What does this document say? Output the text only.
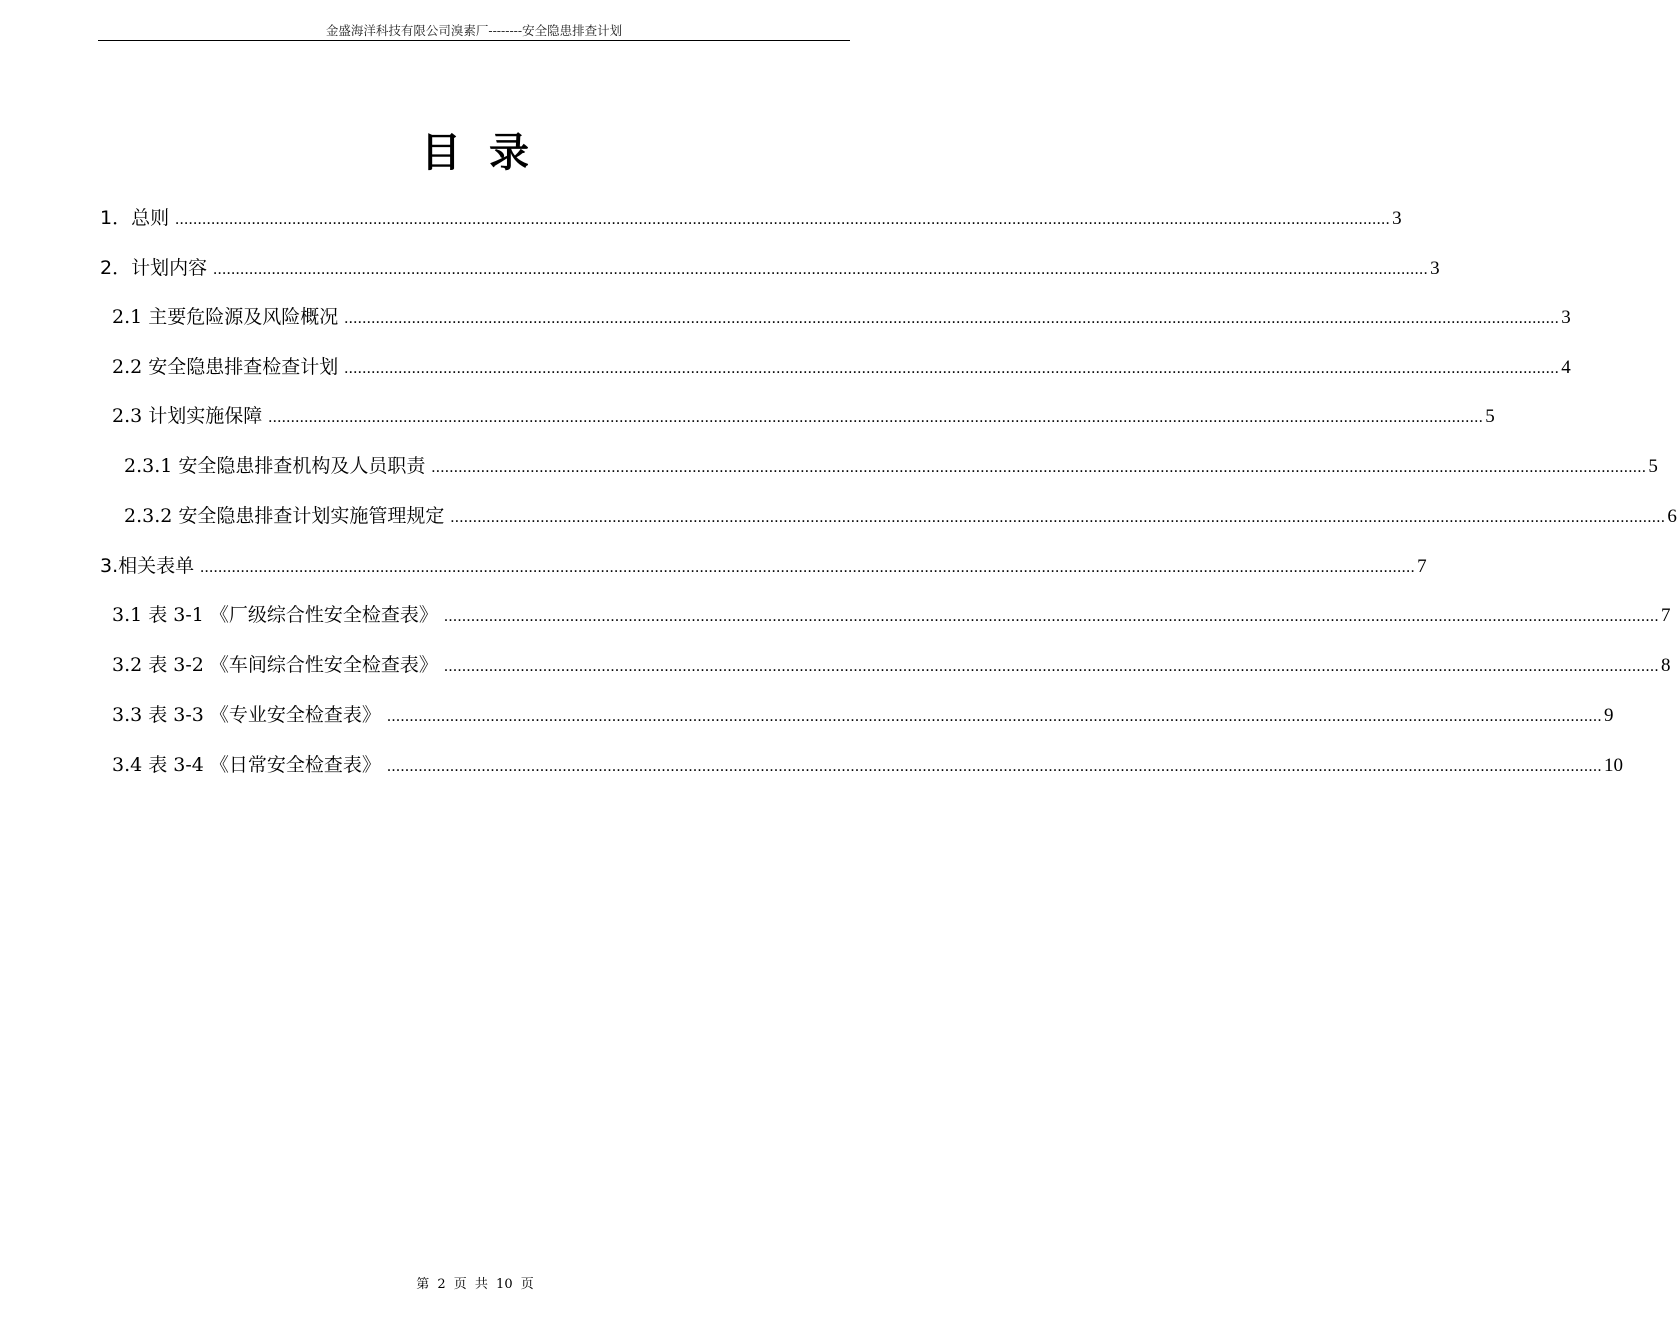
金盛海洋科技有限公司溴素厂--------安全隐患排查计划
目录
1．总则 .............................................................................................................................................................................................................................................................................. 3
2．计划内容 .............................................................................................................................................................................................................................................................................. 3
2.1 主要危险源及风险概况 .............................................................................................................................................................................................................................................................................. 3
2.2 安全隐患排查检查计划 .............................................................................................................................................................................................................................................................................. 4
2.3 计划实施保障 .............................................................................................................................................................................................................................................................................. 5
2.3.1 安全隐患排查机构及人员职责 .............................................................................................................................................................................................................................................................................. 5
2.3.2 安全隐患排查计划实施管理规定 .............................................................................................................................................................................................................................................................................. 6
3.相关表单 .............................................................................................................................................................................................................................................................................. 7
3.1 表 3-1 《厂级综合性安全检查表》 .............................................................................................................................................................................................................................................................................. 7
3.2 表 3-2 《车间综合性安全检查表》 .............................................................................................................................................................................................................................................................................. 8
3.3 表 3-3 《专业安全检查表》 .............................................................................................................................................................................................................................................................................. 9
3.4 表 3-4 《日常安全检查表》 .............................................................................................................................................................................................................................................................................. 10
第 2 页 共 10 页
